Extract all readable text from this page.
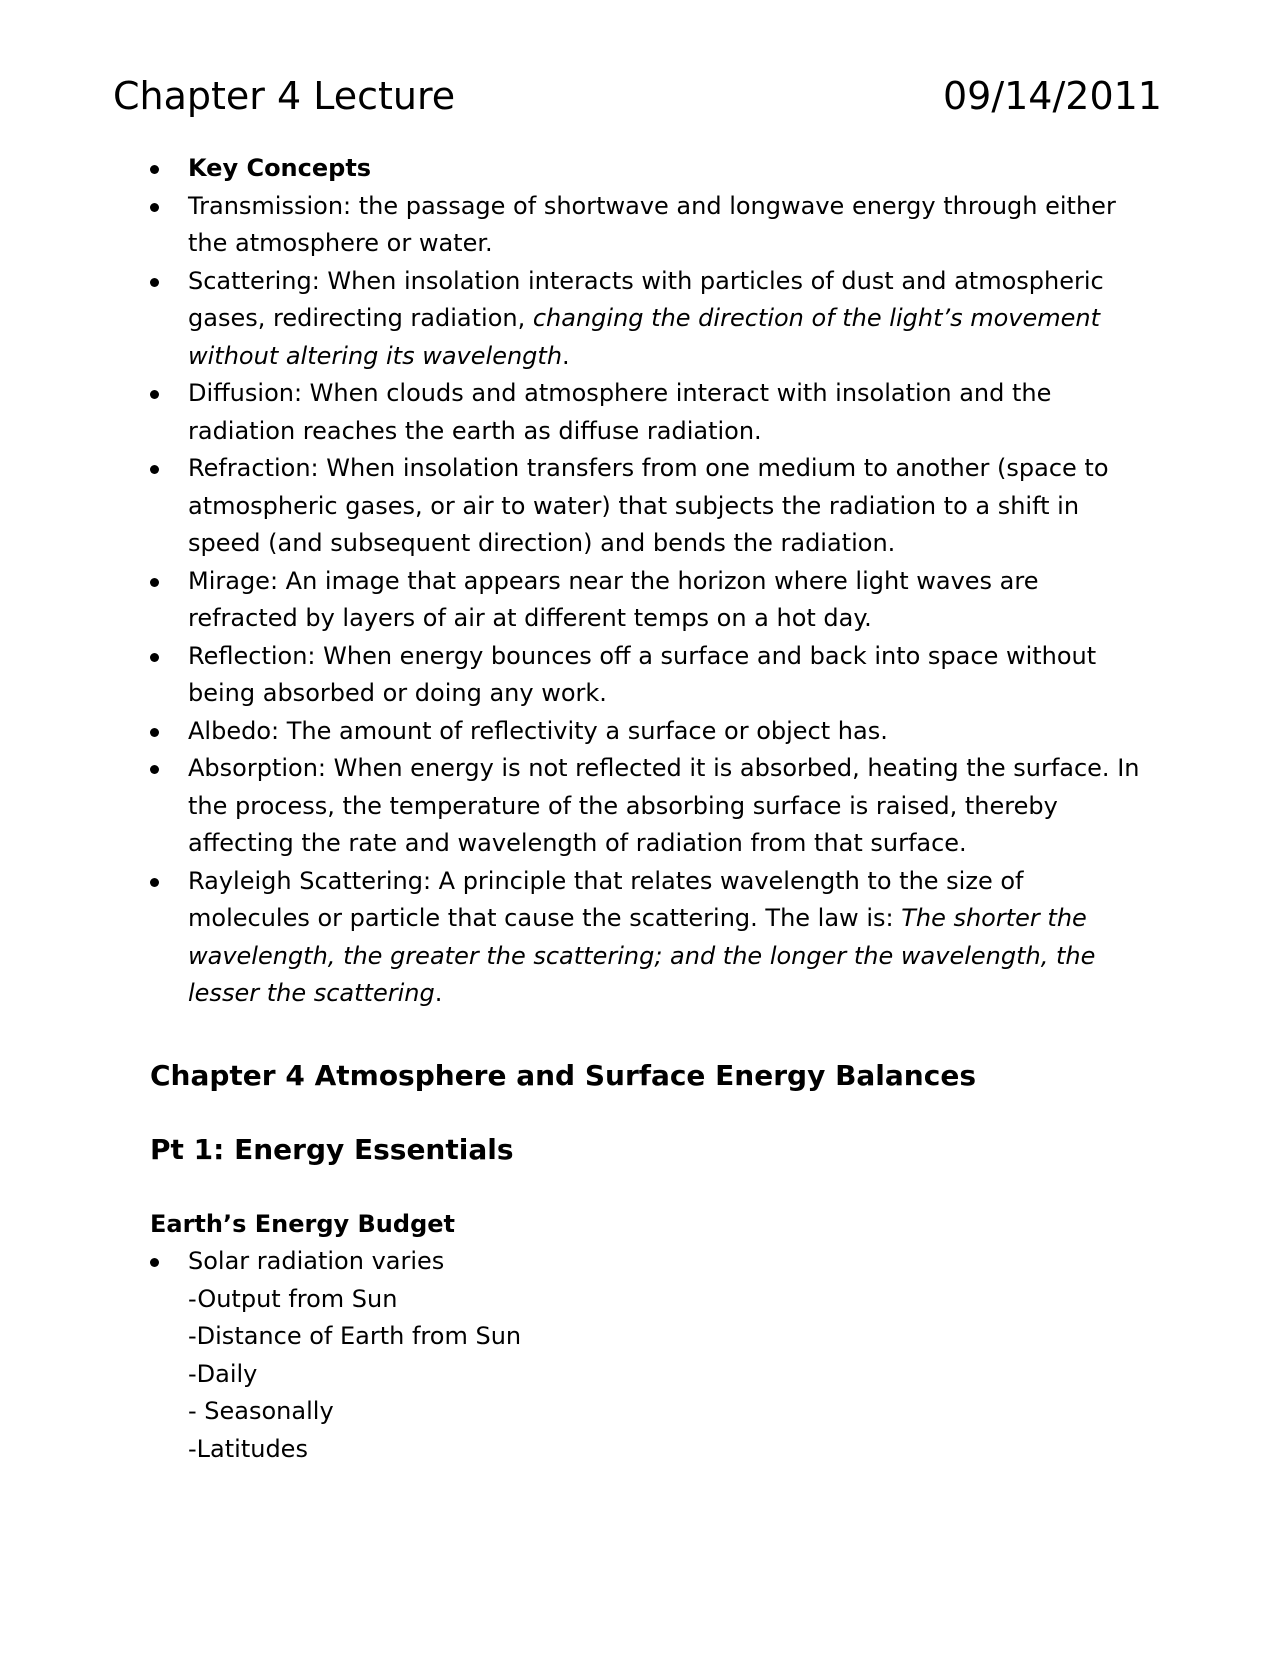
Chapter 4 Lecture	09/14/2011
Key Concepts
Transmission: the passage of shortwave and longwave energy through either the atmosphere or water.
Scattering: When insolation interacts with particles of dust and atmospheric gases, redirecting radiation, changing the direction of the light’s movement without altering its wavelength.
Diffusion: When clouds and atmosphere interact with insolation and the radiation reaches the earth as diffuse radiation.
Refraction: When insolation transfers from one medium to another (space to atmospheric gases, or air to water) that subjects the radiation to a shift in speed (and subsequent direction) and bends the radiation.
Mirage: An image that appears near the horizon where light waves are refracted by layers of air at different temps on a hot day.
Reflection: When energy bounces off a surface and back into space without being absorbed or doing any work.
Albedo: The amount of reflectivity a surface or object has.
Absorption: When energy is not reflected it is absorbed, heating the surface. In the process, the temperature of the absorbing surface is raised, thereby affecting the rate and wavelength of radiation from that surface.
Rayleigh Scattering: A principle that relates wavelength to the size of molecules or particle that cause the scattering. The law is: The shorter the wavelength, the greater the scattering; and the longer the wavelength, the lesser the scattering.
Chapter 4 Atmosphere and Surface Energy Balances
Pt 1: Energy Essentials
Earth’s Energy Budget
Solar radiation varies
-Output from Sun
-Distance of Earth from Sun
-Daily
- Seasonally
-Latitudes
